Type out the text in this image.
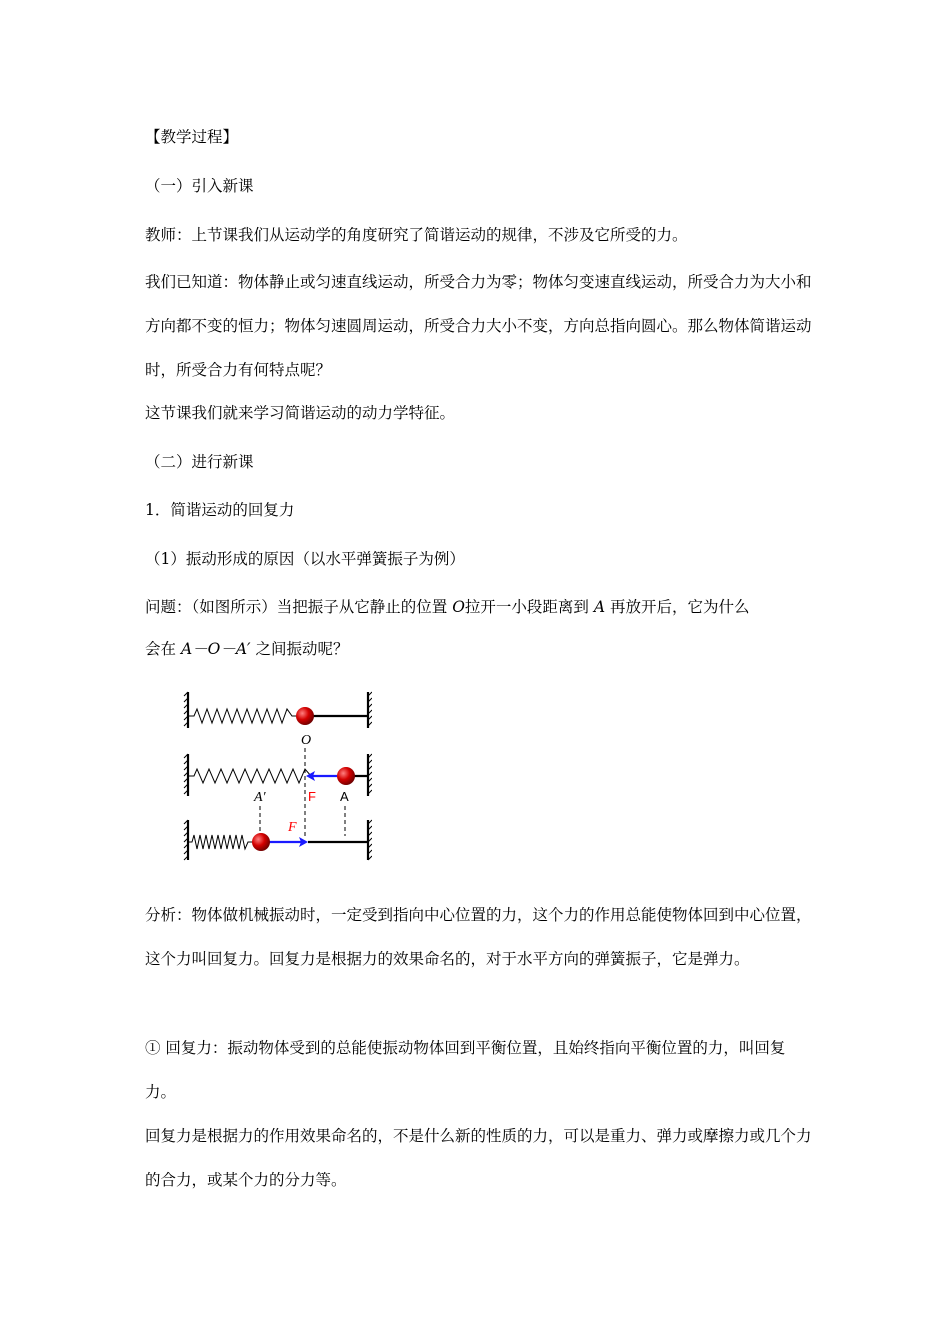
【教学过程】
（一）引入新课
教师：上节课我们从运动学的角度研究了简谐运动的规律，不涉及它所受的力。
我们已知道：物体静止或匀速直线运动，所受合力为零；物体匀变速直线运动，所受合力为大小和方向都不变的恒力；物体匀速圆周运动，所受合力大小不变，方向总指向圆心。那么物体简谐运动时，所受合力有何特点呢？
这节课我们就来学习简谐运动的动力学特征。
（二）进行新课
1．简谐运动的回复力
（1）振动形成的原因（以水平弹簧振子为例）
问题：（如图所示）当把振子从它静止的位置 O拉开一小段距离到 A 再放开后，它为什么
会在 A－O－A′ 之间振动呢？
O
F A
A′
F
分析：物体做机械振动时，一定受到指向中心位置的力，这个力的作用总能使物体回到中心位置，这个力叫回复力。回复力是根据力的效果命名的，对于水平方向的弹簧振子，它是弹力。
① 回复力：振动物体受到的总能使振动物体回到平衡位置，且始终指向平衡位置的力，叫回复力。
回复力是根据力的作用效果命名的，不是什么新的性质的力，可以是重力、弹力或摩擦力或几个力的合力，或某个力的分力等。
